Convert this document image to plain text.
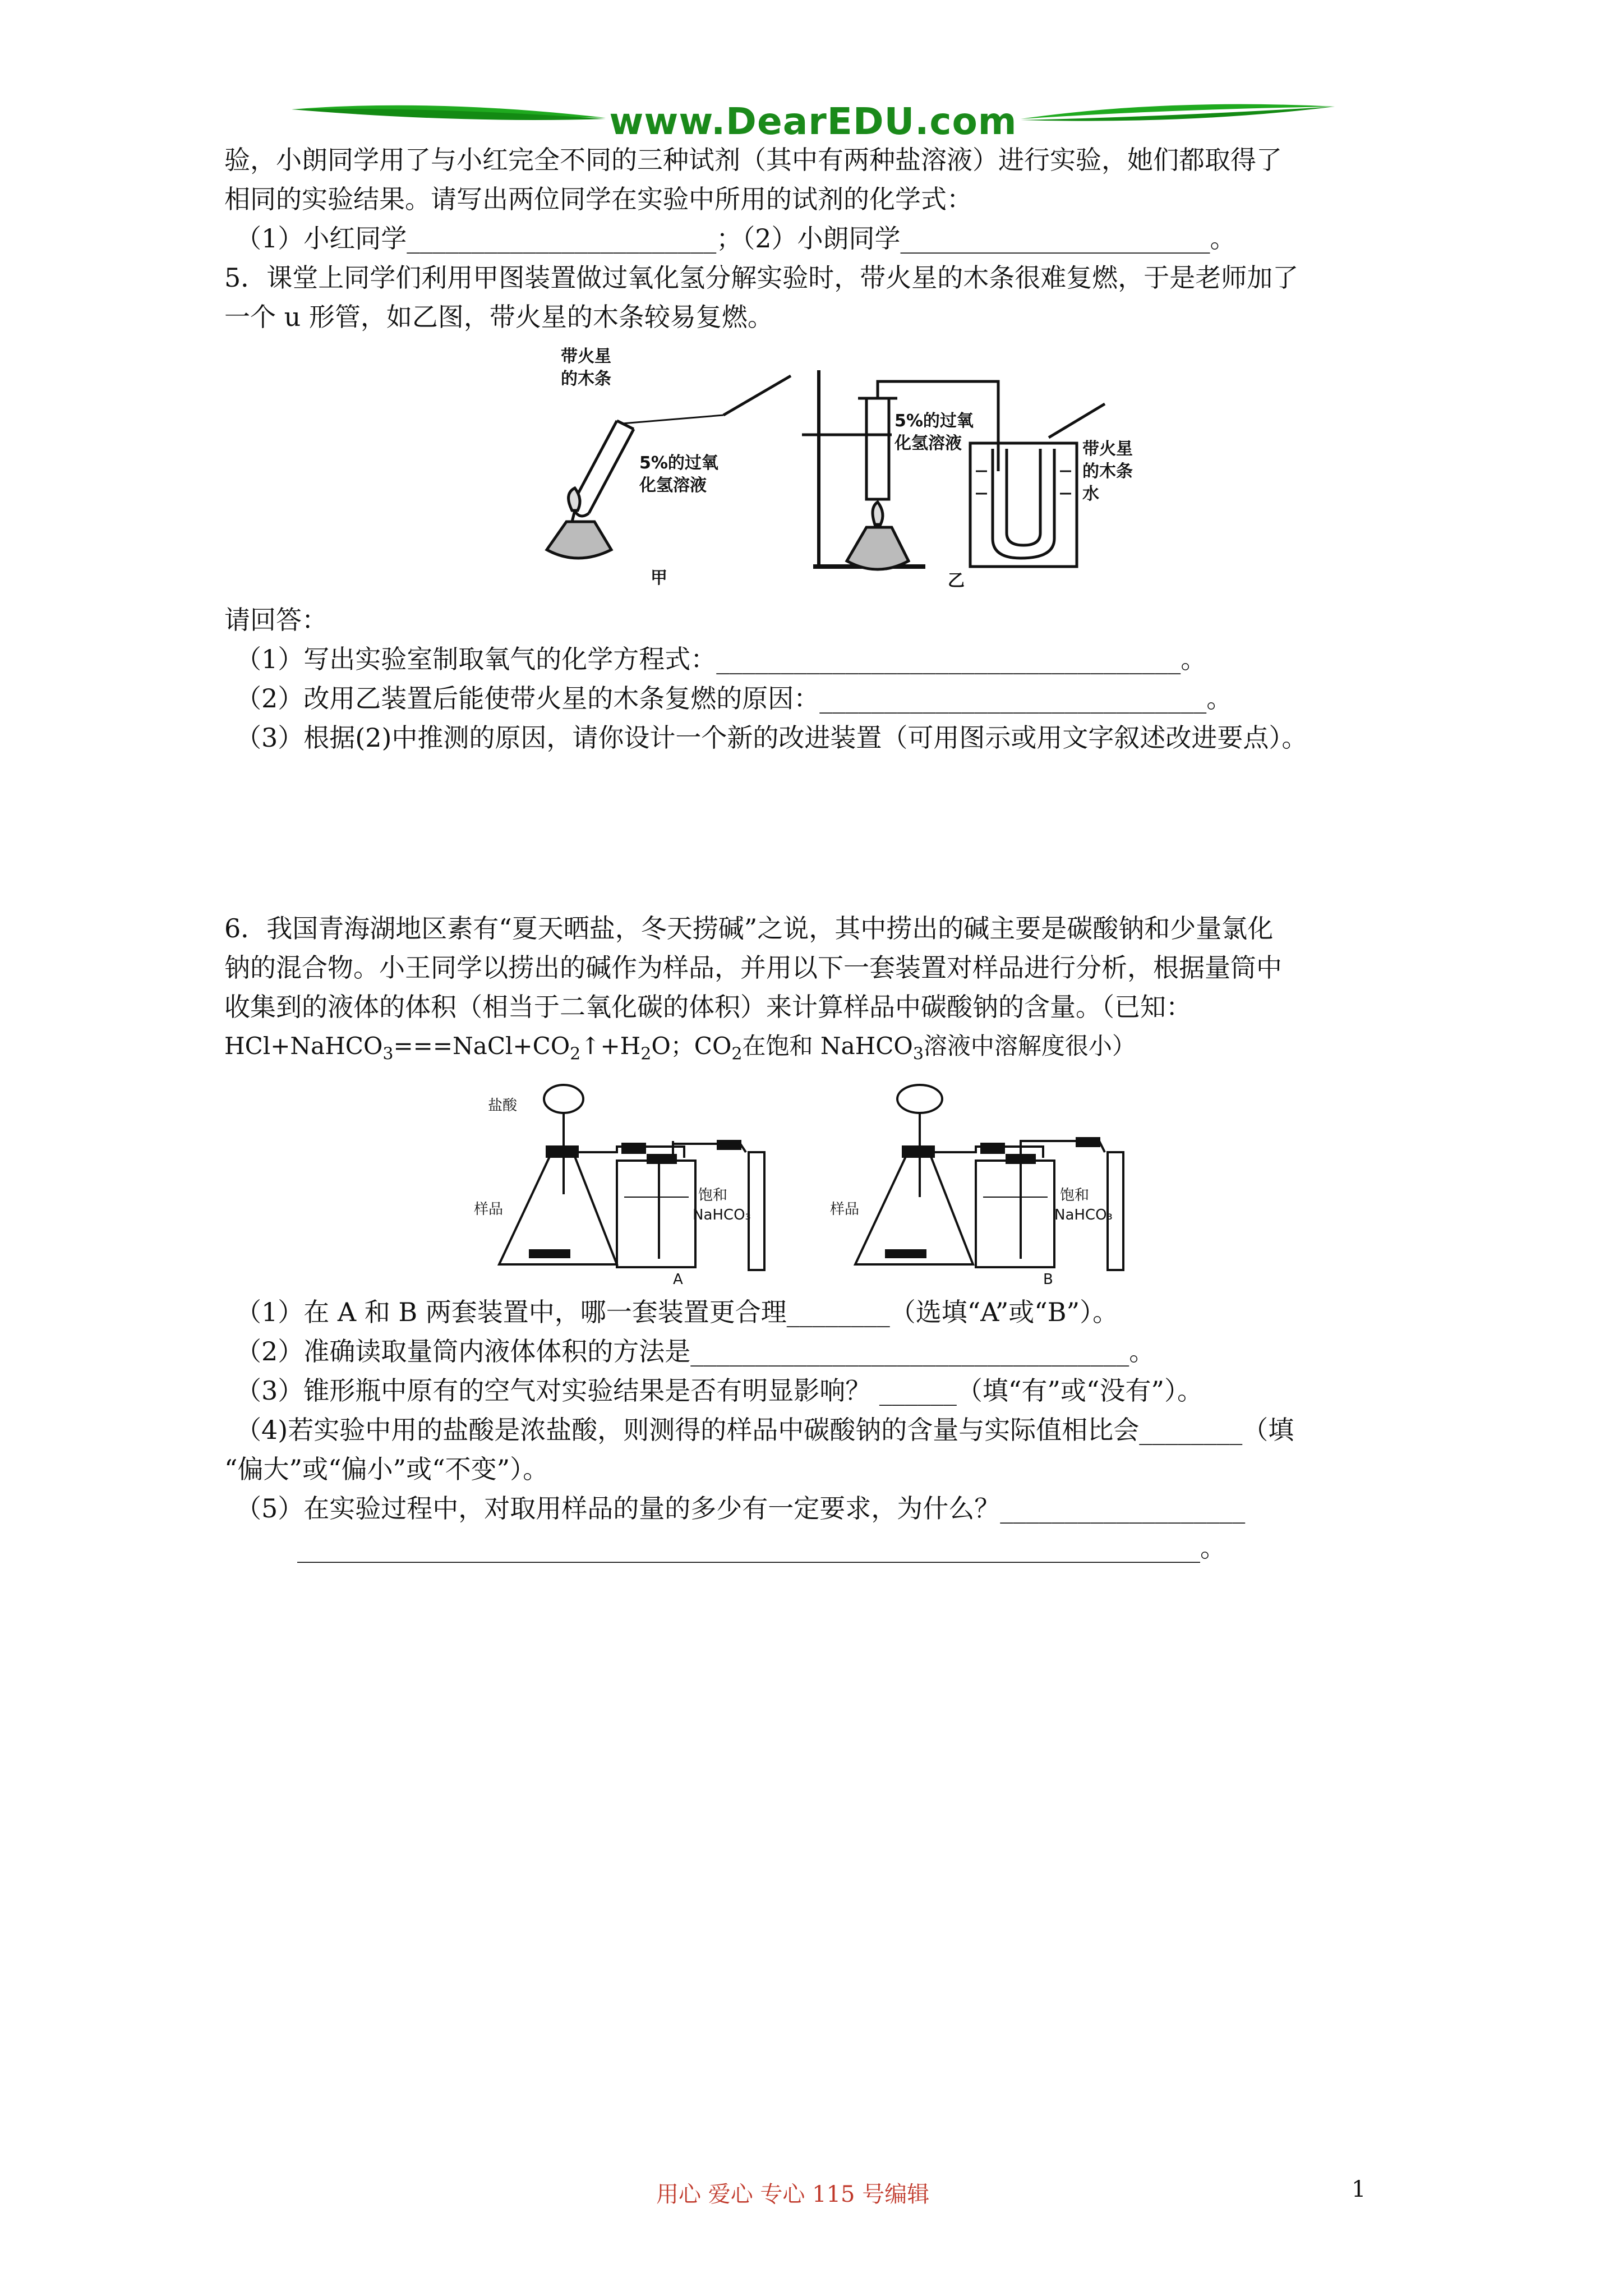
www.DearEDU.com

验，小朗同学用了与小红完全不同的三种试剂（其中有两种盐溶液）进行实验，她们都取得了

相同的实验结果。请写出两位同学在实验中所用的试剂的化学式：

（1）小红同学________________________；（2）小朗同学________________________。

5．课堂上同学们利用甲图装置做过氧化氢分解实验时，带火星的木条很难复燃，于是老师加了

一个 u 形管，如乙图，带火星的木条较易复燃。

带火星
的木条
5%的过氧
化氢溶液
甲
5%的过氧
化氢溶液	带火星
的木条
水
乙

请回答：

（1）写出实验室制取氧气的化学方程式：____________________________________。

（2）改用乙装置后能使带火星的木条复燃的原因：______________________________。

（3）根据(2)中推测的原因，请你设计一个新的改进装置（可用图示或用文字叙述改进要点）。

6．我国青海湖地区素有“夏天晒盐，冬天捞碱”之说，其中捞出的碱主要是碳酸钠和少量氯化

钠的混合物。小王同学以捞出的碱作为样品，并用以下一套装置对样品进行分析，根据量筒中

收集到的液体的体积（相当于二氧化碳的体积）来计算样品中碳酸钠的含量。（已知：

$HCl+NaHCO_3===NaCl+CO_2↑+H_2O$；$CO_2$在饱和 NaHCO$_3$溶液中溶解度很小）

盐酸
样品
饱和
NaHCO₃
A
样品
饱和
NaHCO₃
B

（1）在 A 和 B 两套装置中，哪一套装置更合理________（选填“A”或“B”）。

（2）准确读取量筒内液体体积的方法是__________________________________。

（3）锥形瓶中原有的空气对实验结果是否有明显影响？ ______（填“有”或“没有”）。

（4)若实验中用的盐酸是浓盐酸，则测得的样品中碳酸钠的含量与实际值相比会________（填

“偏大”或“偏小”或“不变”）。

（5）在实验过程中，对取用样品的量的多少有一定要求，为什么？___________________

______________________________________________________________________。

用心 爱心 专心 115 号编辑	1
